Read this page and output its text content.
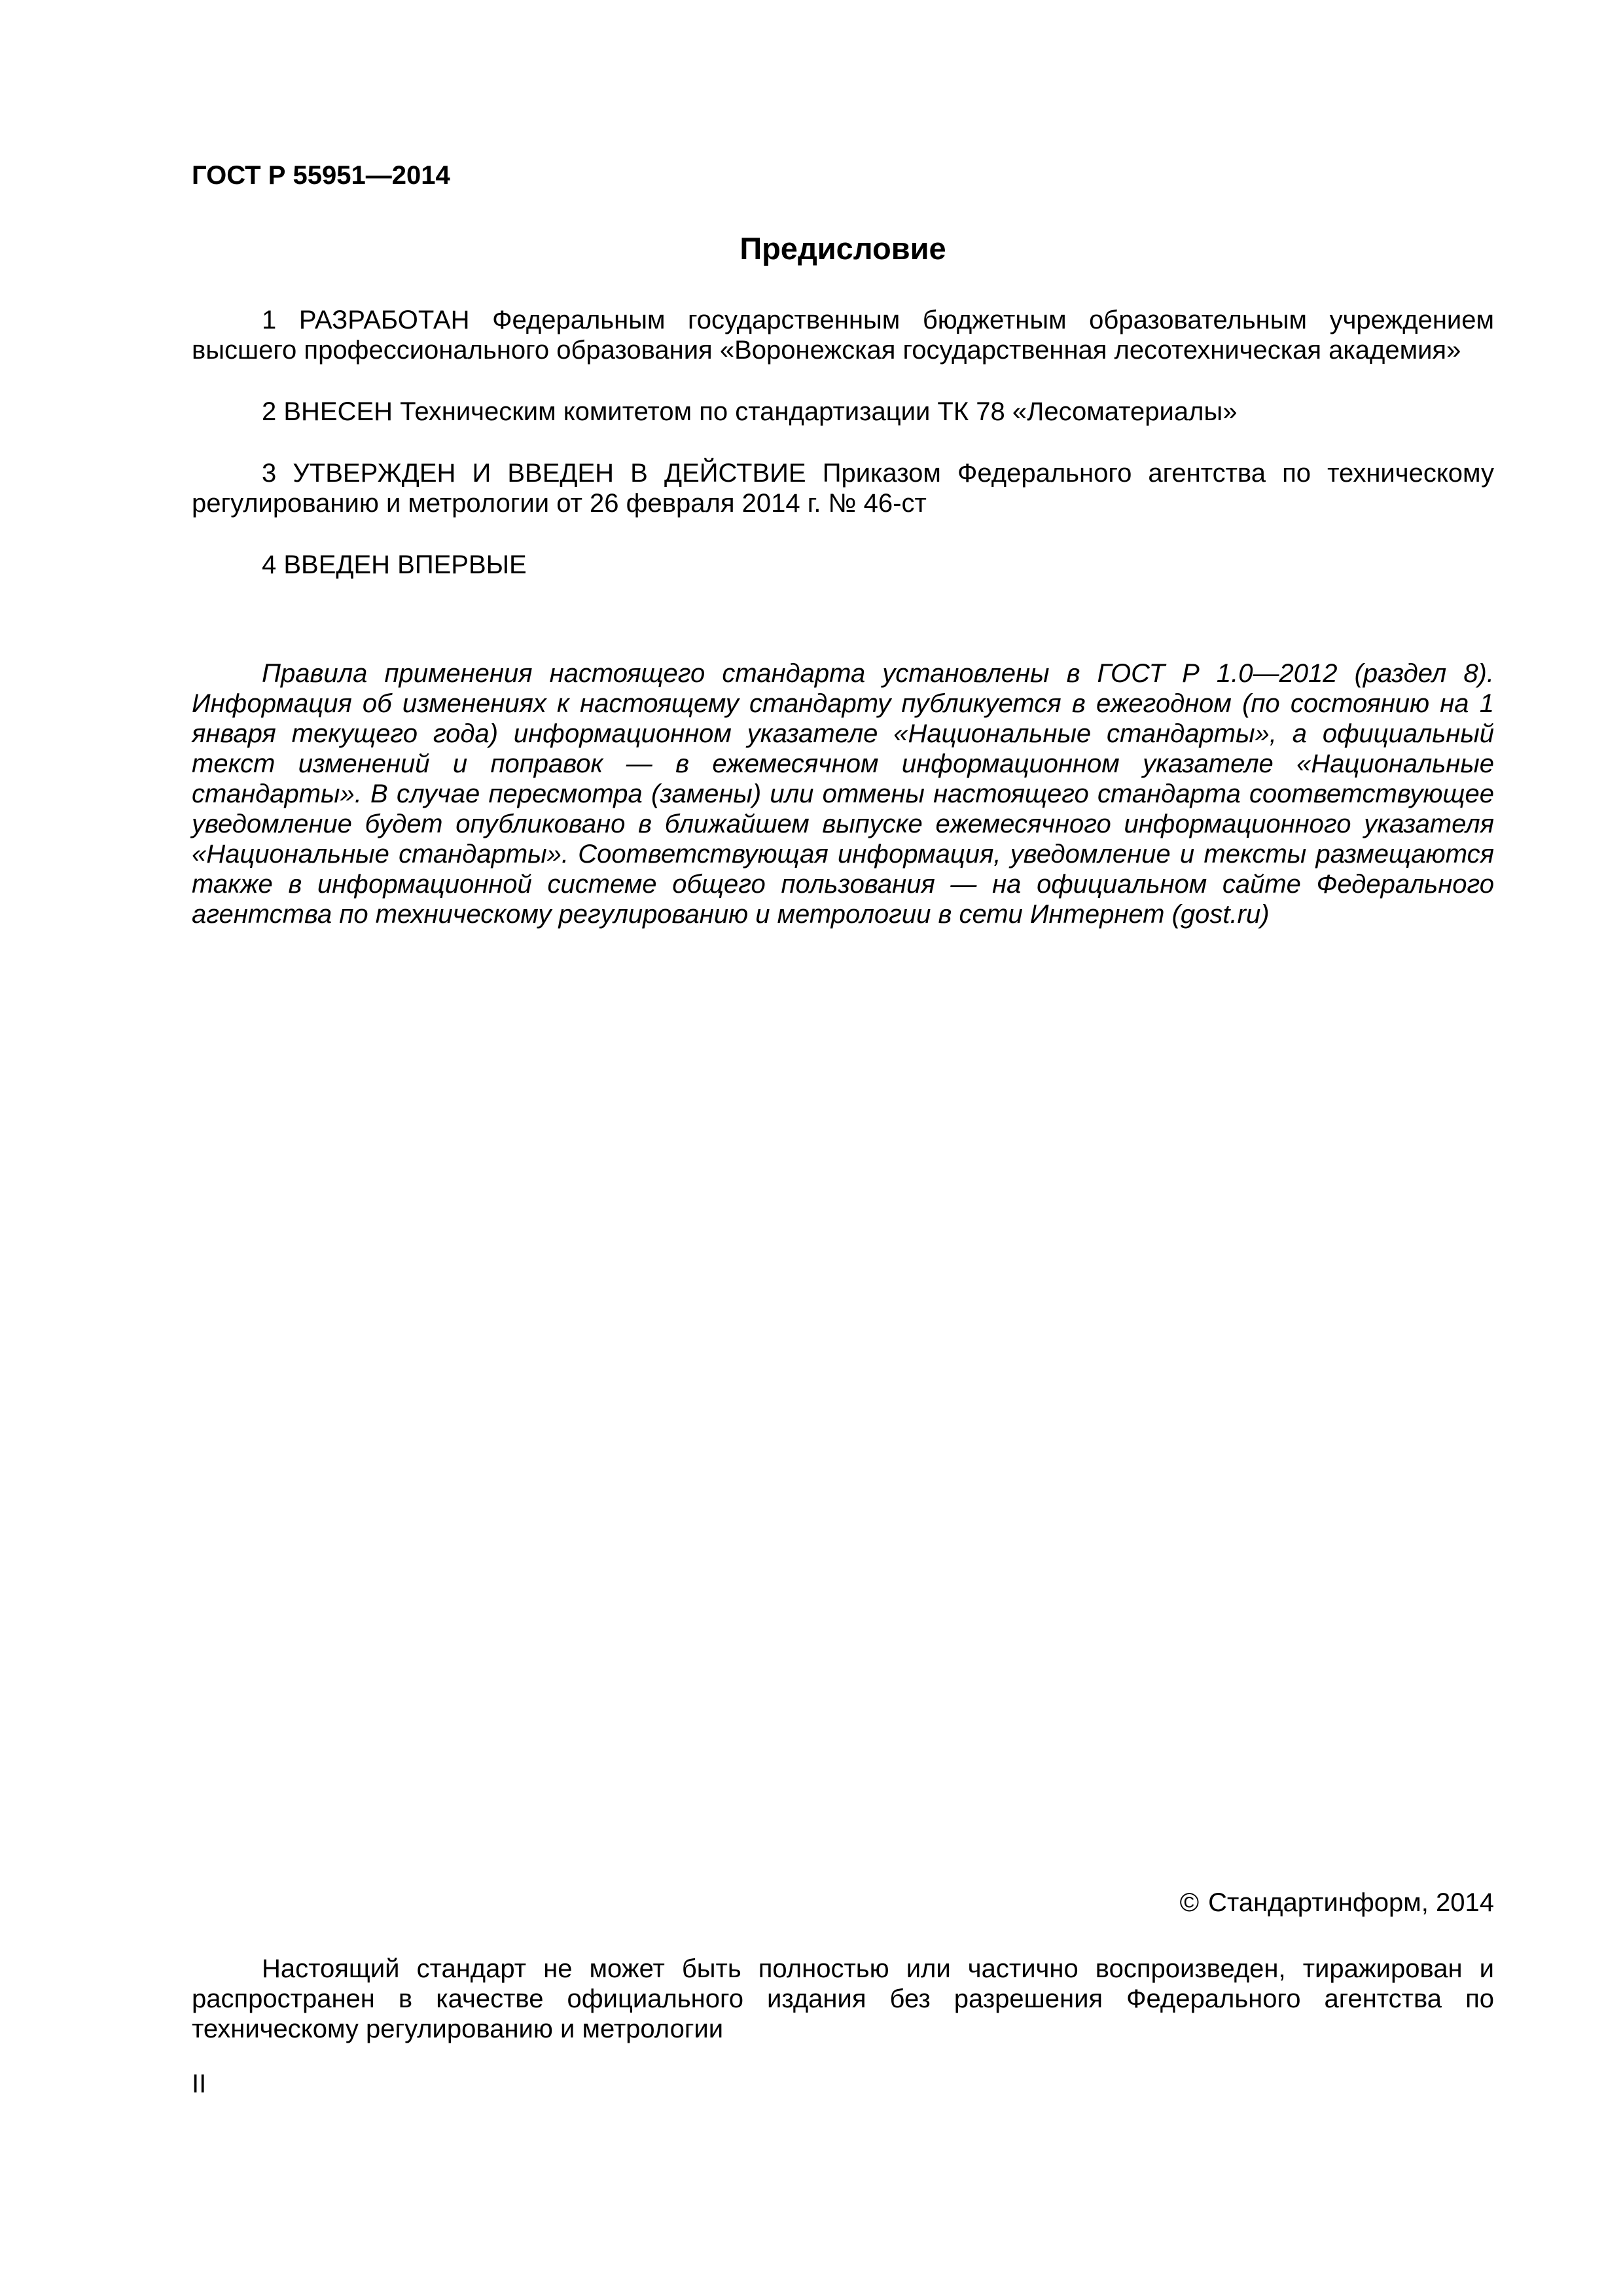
ГОСТ Р 55951—2014
Предисловие

1 РАЗРАБОТАН Федеральным государственным бюджетным образовательным учреждением высшего профессионального образования «Воронежская государственная лесотехническая академия»

2 ВНЕСЕН Техническим комитетом по стандартизации ТК 78 «Лесоматериалы»

3 УТВЕРЖДЕН И ВВЕДЕН В ДЕЙСТВИЕ Приказом Федерального агентства по техническому регулированию и метрологии от 26 февраля 2014 г. № 46-ст

4 ВВЕДЕН ВПЕРВЫЕ

Правила применения настоящего стандарта установлены в ГОСТ Р 1.0—2012 (раздел 8). Информация об изменениях к настоящему стандарту публикуется в ежегодном (по состоянию на 1 января текущего года) информационном указателе «Национальные стандарты», а официальный текст изменений и поправок — в ежемесячном информационном указателе «Национальные стандарты». В случае пересмотра (замены) или отмены настоящего стандарта соответствующее уведомление будет опубликовано в ближайшем выпуске ежемесячного информационного указателя «Национальные стандарты». Соответствующая информация, уведомление и тексты размещаются также в информационной системе общего пользования — на официальном сайте Федерального агентства по техническому регулированию и метрологии в сети Интернет (gost.ru)

© Стандартинформ, 2014

Настоящий стандарт не может быть полностью или частично воспроизведен, тиражирован и распространен в качестве официального издания без разрешения Федерального агентства по техническому регулированию и метрологии

II
